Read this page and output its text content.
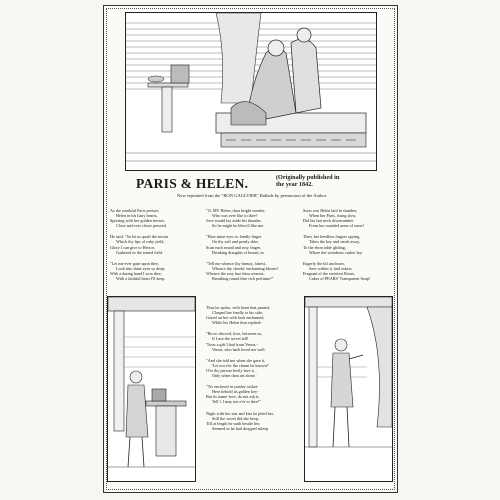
PARIS & HELEN.	(Originally published in
the year 1842.
Now reprinted from the "BON GAULTIER" Ballads by permission of the Author.
As the youthful Paris presses
Helen in his lusty hearts,
Sporting with her golden tresses,
Close and ever closer pressed,
He said: "So let us quaff the nectar
Which thy lips of ruby yield,
Glory I can give to Hector,
Gathered in the tented field.
"Let me ever gaze upon thee,
Look into thine eyes so deep;
With a daring hand I won thee,
With a faithful heart I'll keep.
"O, MY Helen, thou bright wonder,
Who was ever like to thee?
Jove would lay aside his thunder,
So he might be bless'd like me.
"How mine eyes so fondly linger
On thy soft and pearly skin;
Scan each round and rosy finger,
Drinking draughts of beauty in
"Tell me whence thy beauty, fairest,
Whence thy cheeks' enchanting bloom?
Whence the rosy hue thou wearest,
Breathing round thee rich perfume?"
Thus he spoke, with heart that panted,
Clasped her fondly to his side,
Gazed on her with look enchanted,
While his Helen thus replied:-
"Be no discord, love, between us,
If I not the secret tell!
'Twas a gift I had from Venus,-
Venus, who hath loved me well.
"And she told me when she gave it,
'Let not e'er the charm be known!'
O'er thy person freely lave it,
Only when thou art alone.'
"Tis enclosed in yonder casket-
Here behold its golden key-
But its name-love, do not ask it,
Tell 't I may not e'er to thee!"
Night with her star and kiss he plied her,
Still the secret did she keep,
Till at length he sank beside her,
Seemed as he had dropped asleep.
Soon was Helen laid in slumber,
When her Paris, rising slow,
Did his fair neck disencumber
From her rounded arms of snow!
Then, her heedless fingers spying,
Takes the key and steals away,
To the ebon table gliding,
Where the wondrous casket lay;
Eagerly the lid unclosen,
Sees within it, laid askew,
Fragrant of the sweetest Roses,
Cakes of PEARS' Transparent Soap!
